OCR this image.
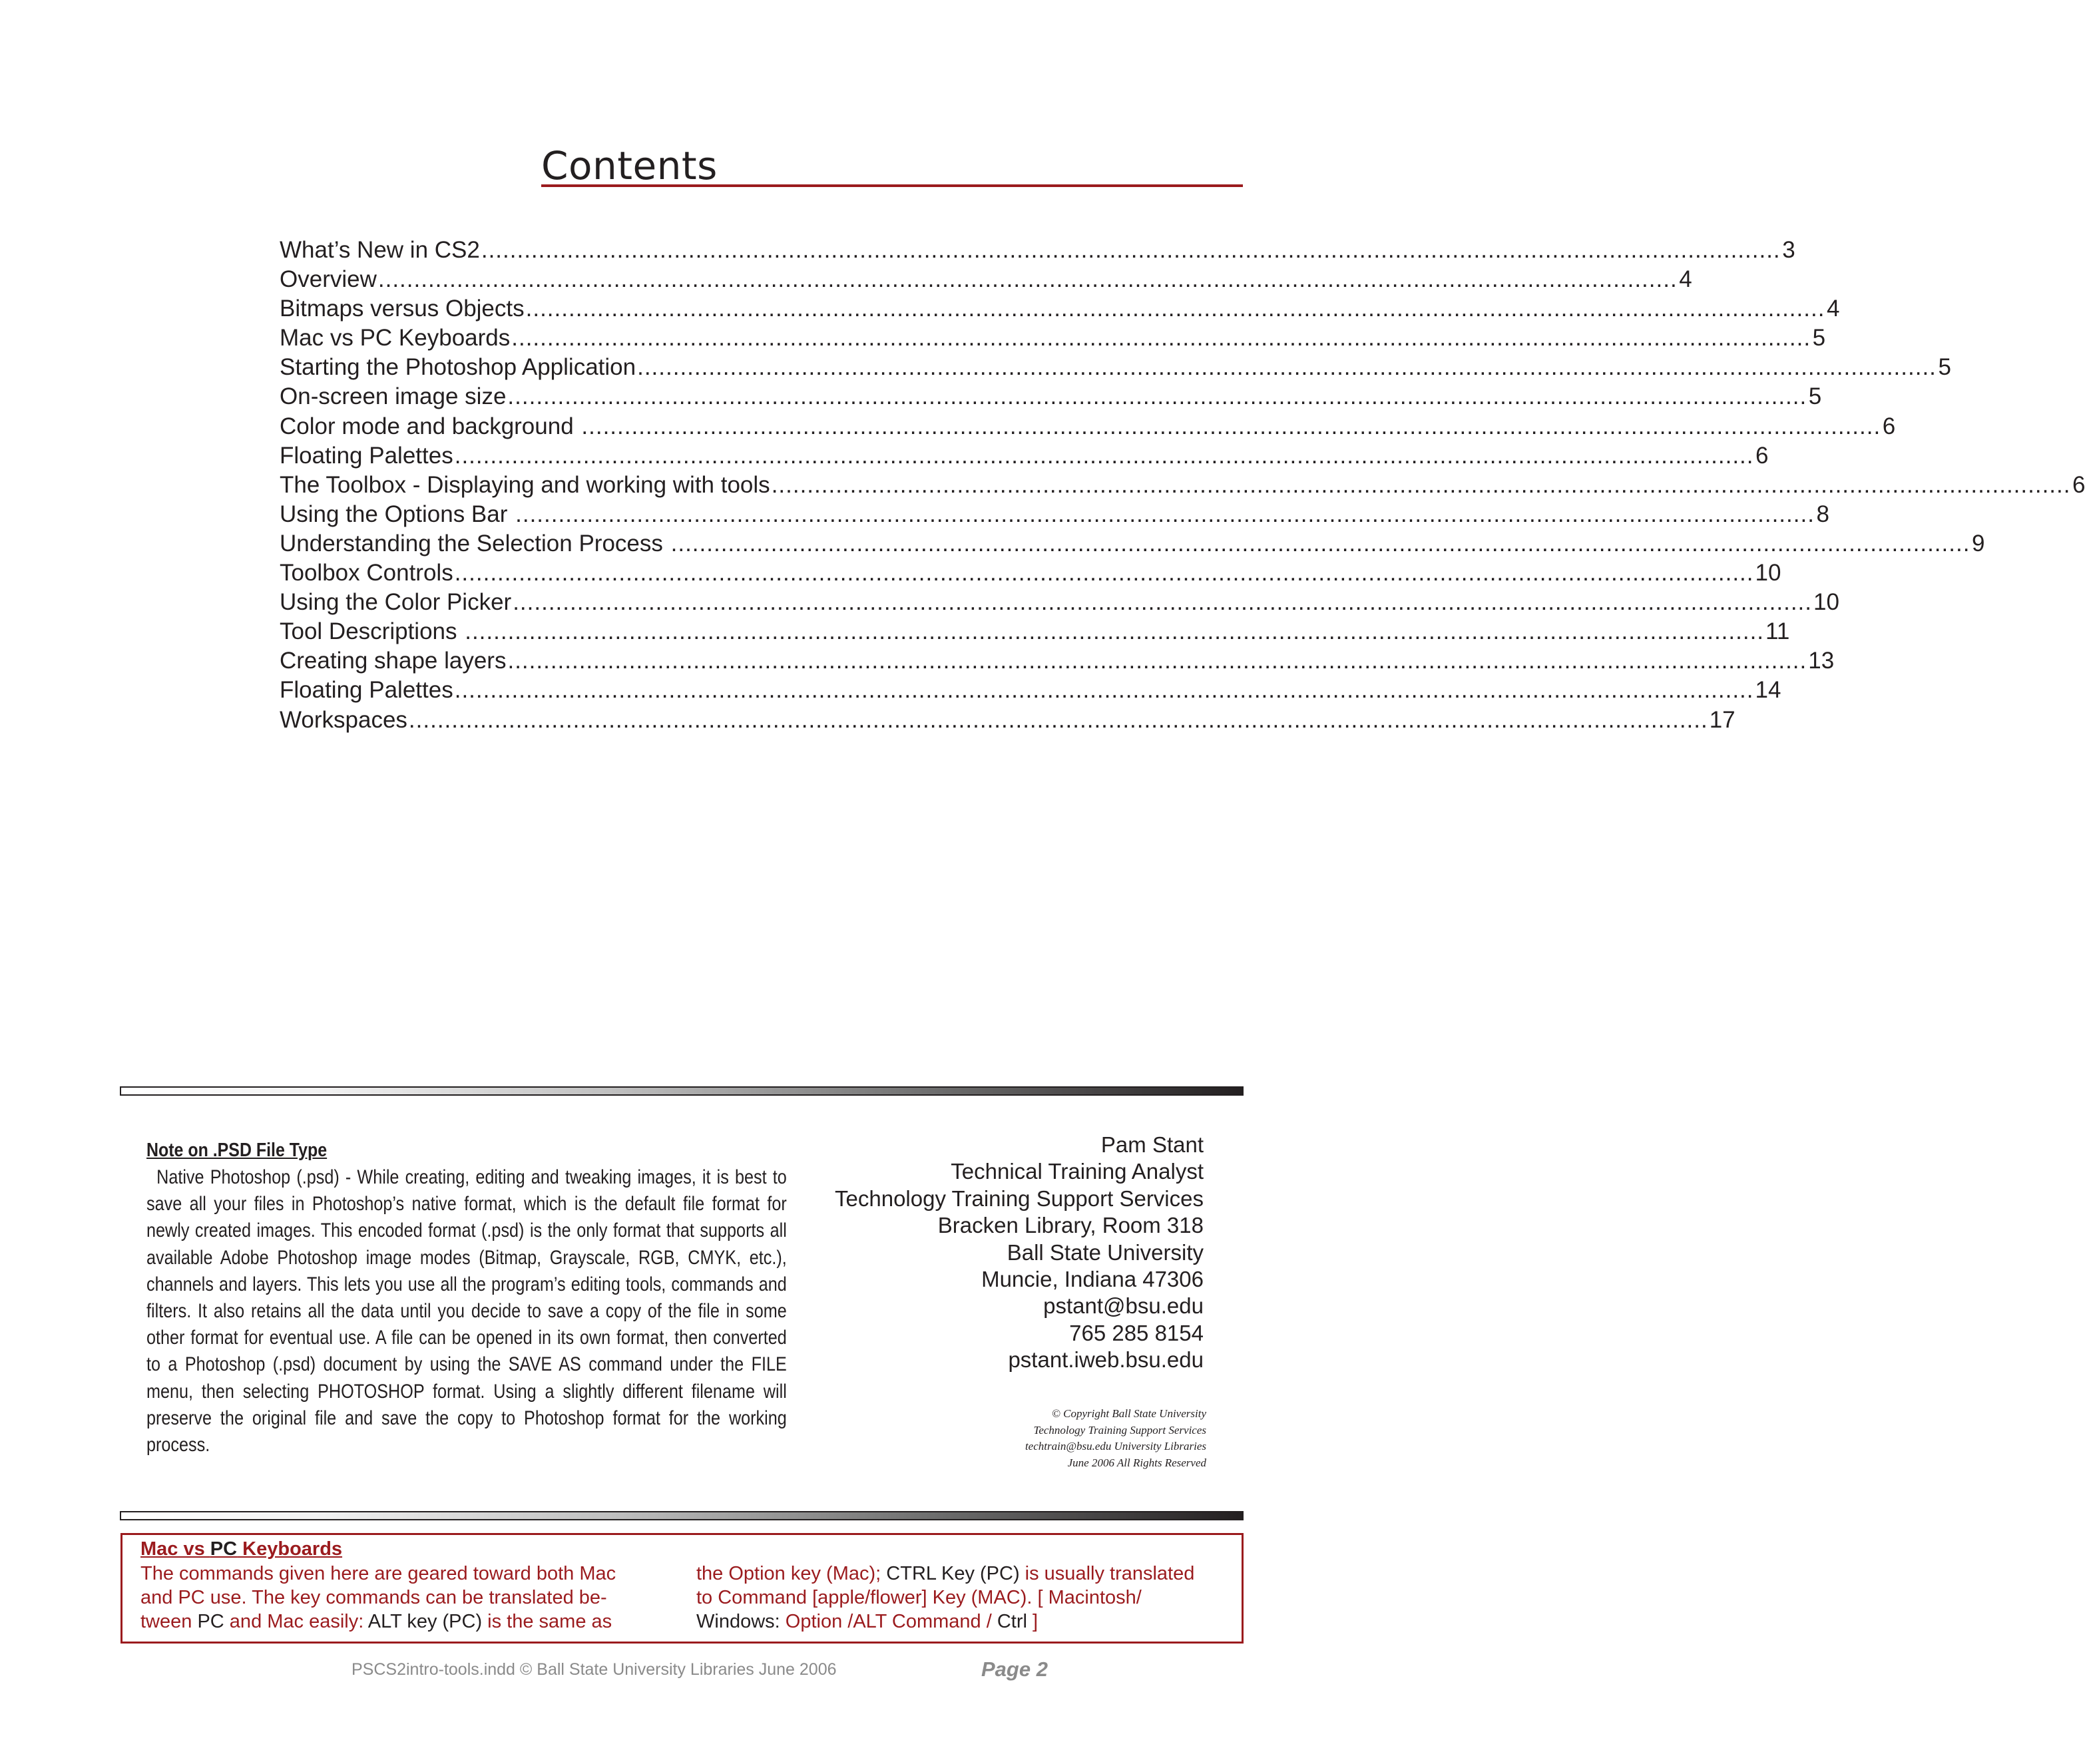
Contents
What’s New in CS2 ...................................................................................................................................................................................... 3
Overview ...................................................................................................................................................................................... 4
Bitmaps versus Objects ...................................................................................................................................................................................... 4
Mac vs PC Keyboards ...................................................................................................................................................................................... 5
Starting the Photoshop Application ...................................................................................................................................................................................... 5
On-screen image size ...................................................................................................................................................................................... 5
Color mode and background ...................................................................................................................................................................................... 6
Floating Palettes ...................................................................................................................................................................................... 6
The Toolbox - Displaying and working with tools ...................................................................................................................................................................................... 6
Using the Options Bar ...................................................................................................................................................................................... 8
Understanding the Selection Process ...................................................................................................................................................................................... 9
Toolbox Controls ...................................................................................................................................................................................... 10
Using the Color Picker ...................................................................................................................................................................................... 10
Tool Descriptions ...................................................................................................................................................................................... 11
Creating shape layers ...................................................................................................................................................................................... 13
Floating Palettes ...................................................................................................................................................................................... 14
Workspaces ...................................................................................................................................................................................... 17
Note on .PSD File Type
Native Photoshop (.psd) - While creating, editing and tweaking images, it is best to save all your files in Photoshop’s native format, which is the default file format for newly created images. This encoded format (.psd) is the only format that supports all available Adobe Photoshop image modes (Bitmap, Grayscale, RGB, CMYK, etc.), channels and layers. This lets you use all the program’s editing tools, commands and filters. It also retains all the data until you decide to save a copy of the file in some other format for eventual use. A file can be opened in its own format, then converted to a Photoshop (.psd) document by using the SAVE AS command under the FILE menu, then selecting PHOTOSHOP format. Using a slightly different filename will preserve the original file and save the copy to Photoshop format for the working process.
Pam Stant
Technical Training Analyst
Technology Training Support Services
Bracken Library, Room 318
Ball State University
Muncie, Indiana 47306
pstant@bsu.edu
765 285 8154
pstant.iweb.bsu.edu
© Copyright Ball State University
Technology Training Support Services
techtrain@bsu.edu University Libraries
June 2006 All Rights Reserved
Mac vs PC Keyboards
The commands given here are geared toward both Mac
and PC use. The key commands can be translated be-
tween PC and Mac easily: ALT key (PC) is the same as
the Option key (Mac); CTRL Key (PC) is usually translated
to Command [apple/flower] Key (MAC). [ Macintosh/
Windows: Option /ALT Command / Ctrl ]
PSCS2intro-tools.indd © Ball State University Libraries June 2006	Page 2
